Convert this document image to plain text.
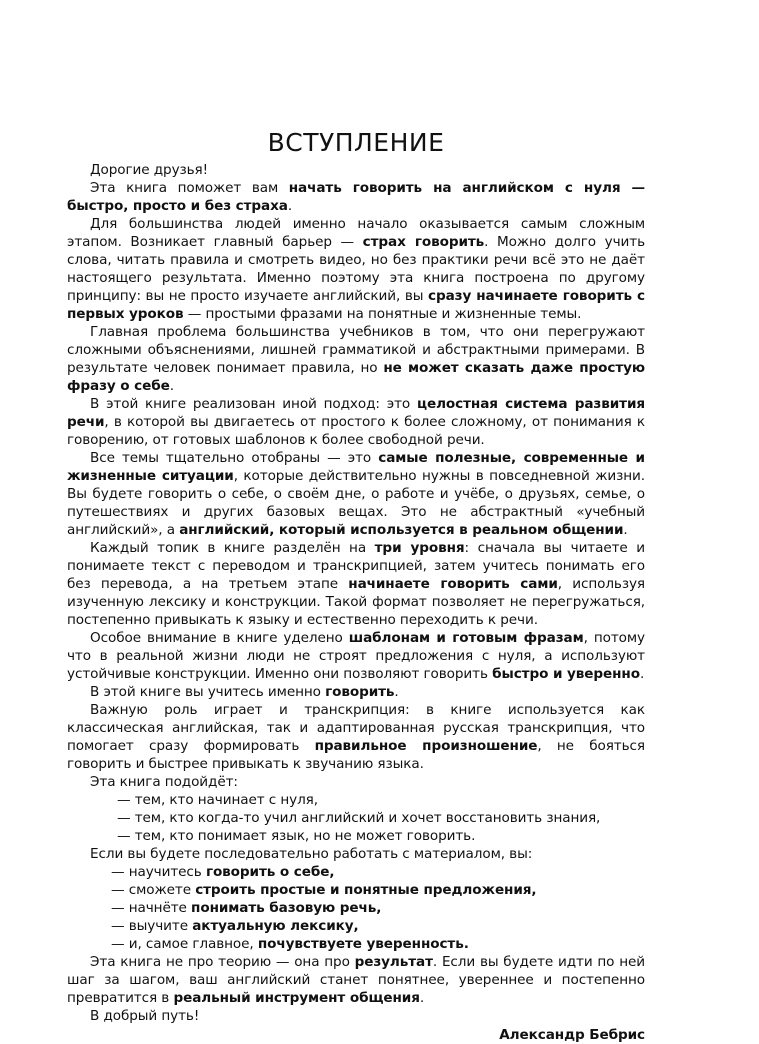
ВСТУПЛЕНИЕ

Дорогие друзья!

Эта книга поможет вам начать говорить на английском с нуля — быстро, просто и без страха.

Для большинства людей именно начало оказывается самым сложным этапом. Возникает главный барьер — страх говорить. Можно долго учить слова, читать правила и смотреть видео, но без практики речи всё это не даёт настоящего результата. Именно поэтому эта книга построена по другому принципу: вы не просто изучаете английский, вы сразу начинаете говорить с первых уроков — простыми фразами на понятные и жизненные темы.

Главная проблема большинства учебников в том, что они перегружают сложными объяснениями, лишней грамматикой и абстрактными примерами. В результате человек понимает правила, но не может сказать даже простую фразу о себе.

В этой книге реализован иной подход: это целостная система развития речи, в которой вы двигаетесь от простого к более сложному, от понимания к говорению, от готовых шаблонов к более свободной речи.

Все темы тщательно отобраны — это самые полезные, современные и жизненные ситуации, которые действительно нужны в повседневной жизни. Вы будете говорить о себе, о своём дне, о работе и учёбе, о друзьях, семье, о путешествиях и других базовых вещах. Это не абстрактный «учебный английский», а английский, который используется в реальном общении.

Каждый топик в книге разделён на три уровня: сначала вы читаете и понимаете текст с переводом и транскрипцией, затем учитесь понимать его без перевода, а на третьем этапе начинаете говорить сами, используя изученную лексику и конструкции. Такой формат позволяет не перегружаться, постепенно привыкать к языку и естественно переходить к речи.

Особое внимание в книге уделено шаблонам и готовым фразам, потому что в реальной жизни люди не строят предложения с нуля, а используют устойчивые конструкции. Именно они позволяют говорить быстро и уверенно.

В этой книге вы учитесь именно говорить.

Важную роль играет и транскрипция: в книге используется как классическая английская, так и адаптированная русская транскрипция, что помогает сразу формировать правильное произношение, не бояться говорить и быстрее привыкать к звучанию языка.

Эта книга подойдёт:

— тем, кто начинает с нуля,

— тем, кто когда-то учил английский и хочет восстановить знания,

— тем, кто понимает язык, но не может говорить.

Если вы будете последовательно работать с материалом, вы:

— научитесь говорить о себе,

— сможете строить простые и понятные предложения,

— начнёте понимать базовую речь,

— выучите актуальную лексику,

— и, самое главное, почувствуете уверенность.

Эта книга не про теорию — она про результат. Если вы будете идти по ней шаг за шагом, ваш английский станет понятнее, увереннее и постепенно превратится в реальный инструмент общения.

В добрый путь!

Александр Бебрис
